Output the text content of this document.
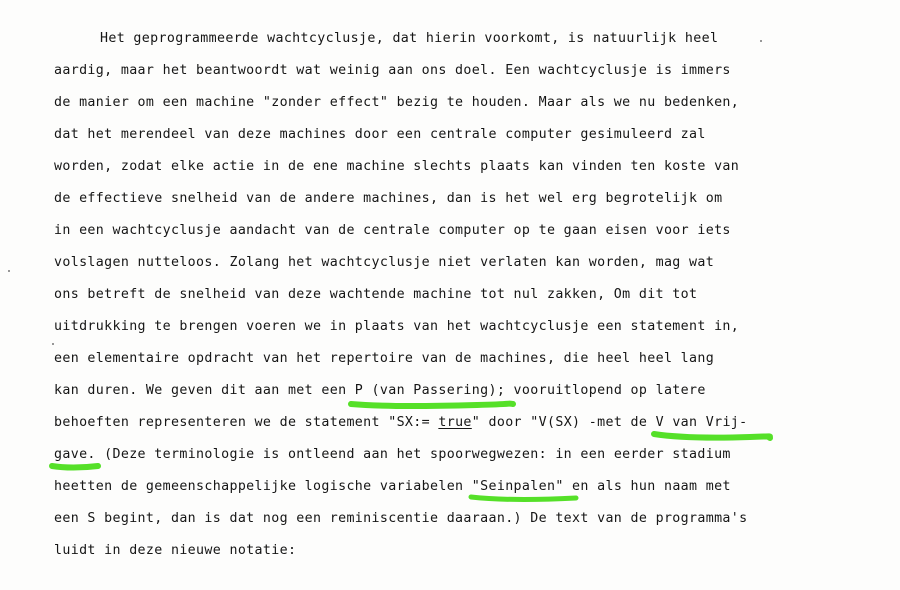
Het geprogrammeerde wachtcyclusje, dat hierin voorkomt, is natuurlijk heel
aardig, maar het beantwoordt wat weinig aan ons doel. Een wachtcyclusje is immers
de manier om een machine "zonder effect" bezig te houden. Maar als we nu bedenken,
dat het merendeel van deze machines door een centrale computer gesimuleerd zal
worden, zodat elke actie in de ene machine slechts plaats kan vinden ten koste van
de effectieve snelheid van de andere machines, dan is het wel erg begrotelijk om
in een wachtcyclusje aandacht van de centrale computer op te gaan eisen voor iets
volslagen nutteloos. Zolang het wachtcyclusje niet verlaten kan worden, mag wat
ons betreft de snelheid van deze wachtende machine tot nul zakken, Om dit tot
uitdrukking te brengen voeren we in plaats van het wachtcyclusje een statement in,
een elementaire opdracht van het repertoire van de machines, die heel heel lang
kan duren. We geven dit aan met een P (van Passering)
; vooruitlopend op latere
behoeften representeren we de statement "SX:= true" door "V(SX) -met de V van Vrij-
gave.
(Deze terminologie is ontleend aan het spoorwegwezen: in een eerder stadium
heetten de gemeenschappelijke logische variabelen "Seinpalen"
en als hun naam met
een S begint, dan is dat nog een reminiscentie daaraan.) De text van de programma's
luidt in deze nieuwe notatie:
